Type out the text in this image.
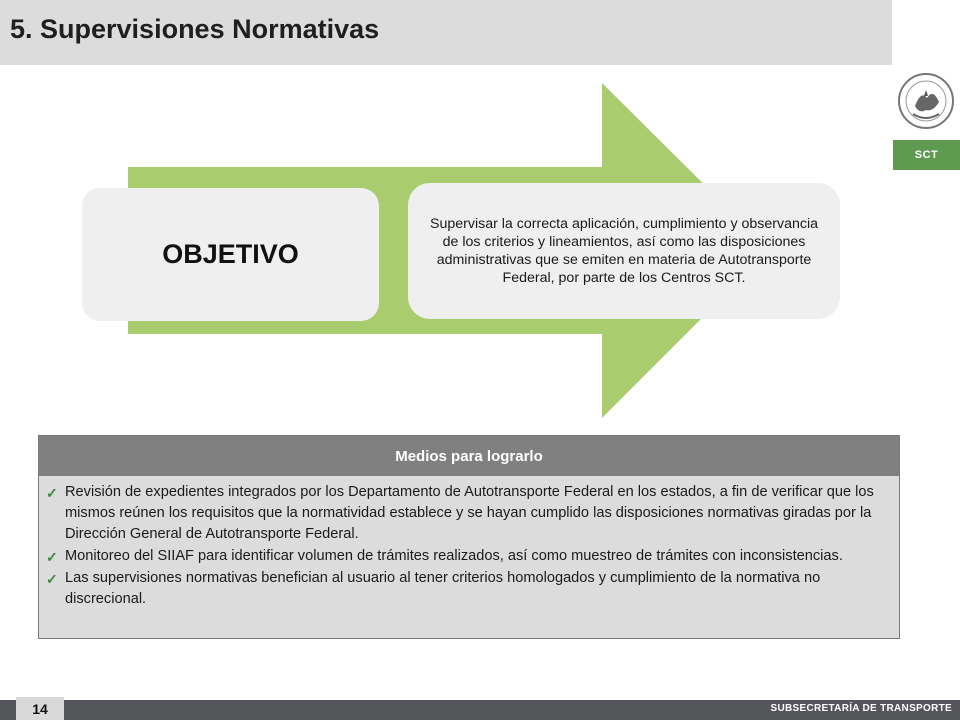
5. Supervisiones Normativas
SCT
OBJETIVO
Supervisar la correcta aplicación, cumplimiento y observancia de los criterios y lineamientos, así como las disposiciones administrativas que se emiten en materia de Autotransporte Federal, por parte de los Centros SCT.
Medios para lograrlo
✓ Revisión de expedientes integrados por los Departamento de Autotransporte Federal en los estados, a fin de verificar que los mismos reúnen los requisitos que la normatividad establece y se hayan cumplido las disposiciones normativas giradas por la Dirección General de Autotransporte Federal.
✓ Monitoreo del SIIAF para identificar volumen de trámites realizados, así como muestreo de trámites con inconsistencias.
✓ Las supervisiones normativas benefician al usuario al tener criterios homologados y cumplimiento de la normativa no discrecional.
14	SUBSECRETARÍA DE TRANSPORTE
